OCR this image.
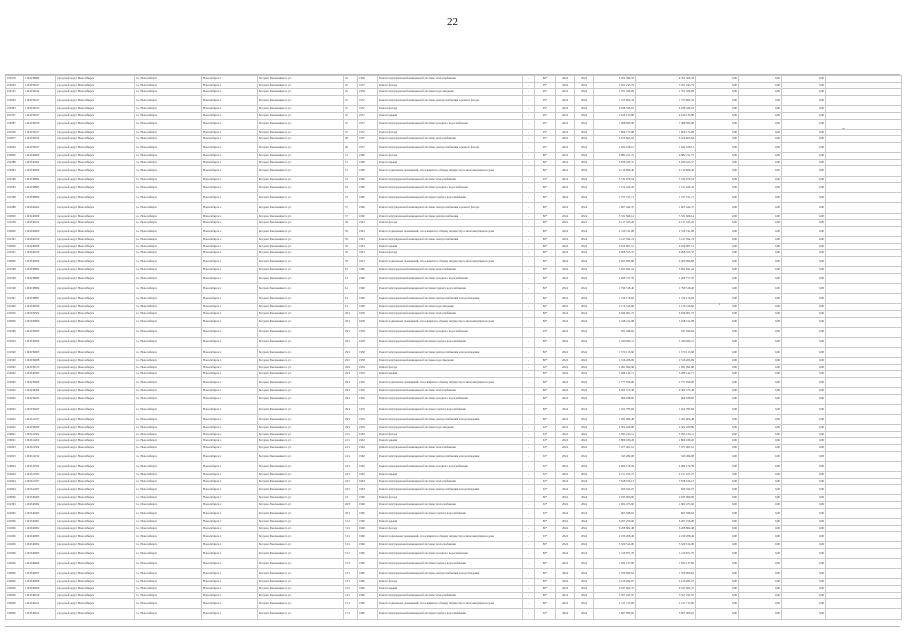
22
100178	1101038804	городской округ Новосибирск	г.о. Новосибирск	Новосибирск г.	Богдана Хмельницкого ул.	45	1958	Ремонт внутридомовой инженерной системы теплоснабжения	-	80*	2024	2024	4 702 366,33	4 702 366,33	0,00	0,00	0,00	
102663	1101039107	городской округ Новосибирск	г.о. Новосибирск	Новосибирск г.	Богдана Хмельницкого ул.	45	1957	Ремонт фасада	-	95*	2024	2024	3 457 245,79	3 457 245,79	0,00	0,00	0,00	
100155	1101036104	городской округ Новосибирск	г.о. Новосибирск	Новосибирск г.	Богдана Хмельницкого ул.	45	1958	Ремонт внутридомовой инженерной системы водоотведения	-	95*	2024	2024	1 761 329,09	1 761 329,09	0,00	0,00	0,00	
102663	1101039107	городской округ Новосибирск	г.о. Новосибирск	Новосибирск г.	Богдана Хмельницкого ул.	47	1957	Ремонт внутридомовой инженерной системы электроснабжения и ремонт фасада	-	95*	2024	2024	1 725 604,34	1 725 604,34	0,00	0,00	0,00	
100383	1101039105	городской округ Новосибирск	г.о. Новосибирск	Новосибирск г.	Богдана Хмельницкого ул.	47	1957	Ремонт фасада	-	95*	2024	2024	4 938 326,10	4 938 326,10	0,00	0,00	0,00	
102337	1101039107	городской округ Новосибирск	г.о. Новосибирск	Новосибирск г.	Богдана Хмельницкого ул.	47	1957	Ремонт крыши	-	95*	2024	2024	4 610 133,86	4 610 133,86	0,00	0,00	0,00	
100387	1101039106	городской округ Новосибирск	г.о. Новосибирск	Новосибирск г.	Богдана Хмельницкого ул.	47	1957	Ремонт внутридомовой инженерной системы холодного водоснабжения	-	95*	2024	2024	7 408 993,08	7 408 993,08	0,00	0,00	0,00	
102596	1101039107	городской округ Новосибирск	г.о. Новосибирск	Новосибирск г.	Богдана Хмельницкого ул.	47	1957	Ремонт фасада	-	95*	2024	2024	7 606 175,08	7 606 175,08	0,00	0,00	0,00	
102857	1101039104	городской округ Новосибирск	г.о. Новосибирск	Новосибирск г.	Богдана Хмельницкого ул.	48	1957	Ремонт внутридомовой инженерной системы теплоснабжения	-	95*	2024	2024	6 109 603,04	6 109 603,04	0,00	0,00	0,00	
102663	1101039107	городской округ Новосибирск	г.о. Новосибирск	Новосибирск г.	Богдана Хмельницкого ул.	49	1957	Ремонт внутридомовой инженерной системы электроснабжения и ремонт фасада	-	95*	2024	2024	1 622 108,12	1 622 108,12	0,00	0,00	0,00	
100090	1101040000	городской округ Новосибирск	г.о. Новосибирск	Новосибирск г.	Богдана Хмельницкого ул.	51	1960	Ремонт фасада	-	80*	2024	2024	6 882 211,75	6 882 211,75	0,00	0,00	0,00	
102288	1101040402	городской округ Новосибирск	г.о. Новосибирск	Новосибирск г.	Богдана Хмельницкого ул.	51	1960	Ремонт крыши	-	80*	2024	2024	6 186 423,37	6 186 423,37	0,00	0,00	0,00	
100383	1101040000	городской округ Новосибирск	г.о. Новосибирск	Новосибирск г.	Богдана Хмельницкого ул.	51	1960	Ремонт подвальных помещений, относящихся к общему имуществу в многоквартирном доме	-	80*	2024	2024	2 110 660,40	2 110 660,40	0,00	0,00	0,00	
102568	1101038804	городской округ Новосибирск	г.о. Новосибирск	Новосибирск г.	Богдана Хмельницкого ул.	53	1960	Ремонт внутридомовой инженерной системы теплоснабжения	-	63*	2024	2024	5 532 970,54	5 532 970,54	0,00	0,00	0,00	
102083	1101038805	городской округ Новосибирск	г.о. Новосибирск	Новосибирск г.	Богдана Хмельницкого ул.	53	1960	Ремонт внутридомовой инженерной системы холодного водоснабжения	-	80*	2024	2024	1 152 426,45	1 152 426,45	0,00	0,00	0,00	
102348	1101038806	городской округ Новосибирск	г.о. Новосибирск	Новосибирск г.	Богдана Хмельницкого ул.	53	1960	Ремонт внутридомовой инженерной системы горячего водоснабжения	-	80*	2024	2024	1 757 191,71	1 757 191,71	0,00	0,00	0,00	
102288	1101040402	городской округ Новосибирск	г.о. Новосибирск	Новосибирск г.	Богдана Хмельницкого ул.	57	1960	Ремонт внутридомовой инженерной системы электроснабжения и ремонт фасада	-	80*	2024	2024	1 607 442,37	1 607 442,37	0,00	0,00	0,00	
100090	1101040000	городской округ Новосибирск	г.о. Новосибирск	Новосибирск г.	Богдана Хмельницкого ул.	57	1960	Ремонт внутридомовой инженерной системы электроснабжения	-	80*	2024	2024	5 331 669,14	5 331 669,14	0,00	0,00	0,00	
102258	1101040101	городской округ Новосибирск	г.о. Новосибирск	Новосибирск г.	Богдана Хмельницкого ул.	59	1961	Ремонт фасада	-	80*	2024	2024	6 117 163,26	6 117 163,26	0,00	0,00	0,00	
100090	1101040000	городской округ Новосибирск	г.о. Новосибирск	Новосибирск г.	Богдана Хмельницкого ул.	59	1961	Ремонт подвальных помещений, относящихся к общему имуществу в многоквартирном доме	-	80*	2024	2024	2 319 741,08	2 319 741,08	0,00	0,00	0,00	
102591	1101040100	городской округ Новосибирск	г.о. Новосибирск	Новосибирск г.	Богдана Хмельницкого ул.	59	1961	Ремонт внутридомовой инженерной системы электроснабжения	-	80*	2024	2024	3 147 594,74	3 147 594,74	0,00	0,00	0,00	
100090	1101040000	городской округ Новосибирск	г.о. Новосибирск	Новосибирск г.	Богдана Хмельницкого ул.	59	1961	Ремонт крыши	-	80*	2024	2024	6 109 007,51	6 109 007,51	0,00	0,00	0,00	
102591	1101040100	городской округ Новосибирск	г.о. Новосибирск	Новосибирск г.	Богдана Хмельницкого ул.	59	1961	Ремонт фасада	-	80*	2024	2024	6 208 553,37	6 208 553,37	0,00	0,00	0,00	
100090	1101040000	городской округ Новосибирск	г.о. Новосибирск	Новосибирск г.	Богдана Хмельницкого ул.	59	1961	Ремонт подвальных помещений, относящихся к общему имуществу в многоквартирном доме	-	80*	2024	2024	2 203 996,68	2 203 996,68	0,00	0,00	0,00	
102568	1101038804	городской округ Новосибирск	г.о. Новосибирск	Новосибирск г.	Богдана Хмельницкого ул.	61	1960	Ремонт внутридомовой инженерной системы теплоснабжения	-	80*	2024	2024	5 652 841,24	5 652 841,24	0,00	0,00	0,00	
102348	1101038800	городской округ Новосибирск	г.о. Новосибирск	Новосибирск г.	Богдана Хмельницкого ул.	61	1960	Ремонт внутридомовой инженерной системы холодного водоснабжения	-	80*	2024	2024	1 200 757,76	1 200 757,76	0,00	0,00	0,00	
102348	1101038806	городской округ Новосибирск	г.о. Новосибирск	Новосибирск г.	Богдана Хмельницкого ул.	61	1960	Ремонт внутридомовой инженерной системы горячего водоснабжения	-	80*	2024	2024	1 799 518,40	1 799 518,40	0,00	0,00	0,00	
102391	1101038807	городской округ Новосибирск	г.о. Новосибирск	Новосибирск г.	Богдана Хмельницкого ул.	61	1960	Ремонт внутридомовой инженерной системы электроснабжения и водоотведения	-	80*	2024	2024	1 720 176,82	1 720 176,82	0,00	0,00	0,00	
102490	1101039209	городской округ Новосибирск	г.о. Новосибирск	Новосибирск г.	Богдана Хмельницкого ул.	61	1960	Ремонт внутридомовой инженерной системы водоотведения	-	80*	2024	2024	2 176 316,66	2 176 316,66	0,00	0,00	0,00	
102056	1101039502	городской округ Новосибирск	г.о. Новосибирск	Новосибирск г.	Богдана Хмельницкого ул.	26/1	1958	Ремонт внутридомовой инженерной системы теплоснабжения	-	80*	2024	2024	6 940 001,75	6 940 001,75	0,00	0,00	0,00	
100090	1101039800	городской округ Новосибирск	г.о. Новосибирск	Новосибирск г.	Богдана Хмельницкого ул.	26/1	1958	Ремонт подвальных помещений, относящихся к общему имуществу в многоквартирном доме	-	80*	2024	2024	1 248 212,98	1 248 212,98	0,00	0,00	0,00	
102369	1101039903	городской округ Новосибирск	г.о. Новосибирск	Новосибирск г.	Богдана Хмельницкого ул.	29/1	1958	Ремонт внутридомовой инженерной системы холодного водоснабжения	-	63*	2024	2024	931 940,04	931 940,04	0,00	0,00	0,00	
102093	1101039906	городской округ Новосибирск	г.о. Новосибирск	Новосибирск г.	Богдана Хмельницкого ул.	26/1	1958	Ремонт внутридомовой инженерной системы горячего водоснабжения	-	80*	2024	2024	1 430 662,11	1 430 662,11	0,00	0,00	0,00	
102590	1101039903	городской округ Новосибирск	г.о. Новосибирск	Новосибирск г.	Богдана Хмельницкого ул.	29/1	1958	Ремонт внутридомовой инженерной системы электроснабжения и водоотведения	-	80*	2024	2024	1 570 113,60	1 570 113,60	0,00	0,00	0,00	
102590	1101039908	городской округ Новосибирск	г.о. Новосибирск	Новосибирск г.	Богдана Хмельницкого ул.	29/1	1958	Ремонт внутридомовой инженерной системы водоотведения	-	80*	2024	2024	2 316 206,09	2 316 206,09	0,00	0,00	0,00	
102062	1101039515	городской округ Новосибирск	г.о. Новосибирск	Новосибирск г.	Богдана Хмельницкого ул.	29/2	1959	Ремонт фасада	-	64*	2024	2024	1 091 092,98	1 091 092,98	0,00	0,00	0,00	
102062	1101040303	городской округ Новосибирск	г.о. Новосибирск	Новосибирск г.	Богдана Хмельницкого ул.	29/2	1959	Ремонт крыши	-	80*	2024	2024	5 289 142,71	5 289 142,71	0,00	0,00	0,00	
102062	1101039906	городской округ Новосибирск	г.о. Новосибирск	Новосибирск г.	Богдана Хмельницкого ул.	29/2	1959	Ремонт подвальных помещений, относящихся к общему имуществу в многоквартирном доме	-	80*	2024	2024	1 777 059,00	1 777 059,00	0,00	0,00	0,00	
102602	1101038304	городской округ Новосибирск	г.о. Новосибирск	Новосибирск г.	Богдана Хмельницкого ул.	29/2	1959	Ремонт внутридомовой инженерной системы теплоснабжения	-	80*	2024	2024	6 362 573,38	6 362 573,38	0,00	0,00	0,00	
102602	1101039205	городской округ Новосибирск	г.о. Новосибирск	Новосибирск г.	Богдана Хмельницкого ул.	29/2	1959	Ремонт внутридомовой инженерной системы холодного водоснабжения	-	80*	2024	2024	969 038,85	969 038,85	0,00	0,00	0,00	
102602	1101039207	городской округ Новосибирск	г.о. Новосибирск	Новосибирск г.	Богдана Хмельницкого ул.	29/2	1959	Ремонт внутридомовой инженерной системы горячего водоснабжения	-	80*	2024	2024	1 452 783,84	1 452 783,84	0,00	0,00	0,00	
102602	1101041227	городской округ Новосибирск	г.о. Новосибирск	Новосибирск г.	Богдана Хмельницкого ул.	29/2	1959	Ремонт внутридомовой инженерной системы электроснабжения и водоотведения	-	80*	2024	2024	1 491 906,48	1 491 906,48	0,00	0,00	0,00	
102602	1101038209	городской округ Новосибирск	г.о. Новосибирск	Новосибирск г.	Богдана Хмельницкого ул.	29/2	1959	Ремонт внутридомовой инженерной системы водоотведения	-	64*	2024	2024	2 502 420,86	2 502 420,86	0,00	0,00	0,00	
100091	1101041502	городской округ Новосибирск	г.о. Новосибирск	Новосибирск г.	Богдана Хмельницкого ул.	41/1	1962	Ремонт фасада	-	63*	2024	2024	2 095 164,11	2 095 164,11	0,00	0,00	0,00	
100091	1101041202	городской округ Новосибирск	г.о. Новосибирск	Новосибирск г.	Богдана Хмельницкого ул.	41/1	1962	Ремонт крыши	-	63*	2024	2024	1 809 180,26	1 809 180,26	0,00	0,00	0,00	
102603	1101041504	городской округ Новосибирск	г.о. Новосибирск	Новосибирск г.	Богдана Хмельницкого ул.	41/1	1962	Ремонт внутридомовой инженерной системы теплоснабжения	-	63*	2024	2024	7 477 461,61	7 477 461,61	0,00	0,00	0,00	
102603	1101041012	городской округ Новосибирск	г.о. Новосибирск	Новосибирск г.	Богдана Хмельницкого ул.	41/1	1962	Ремонт внутридомовой инженерной системы электроснабжения и водоотведения	-	63*	2024	2024	343 284,08	343 284,08	0,00	0,00	0,00	
100094	1101041502	городской округ Новосибирск	г.о. Новосибирск	Новосибирск г.	Богдана Хмельницкого ул.	43/1	1962	Ремонт внутридомовой инженерной системы холодного водоснабжения	-	63*	2024	2024	4 990 176,59	4 990 176,59	0,00	0,00	0,00	
102604	1101041503	городской округ Новосибирск	г.о. Новосибирск	Новосибирск г.	Богдана Хмельницкого ул.	43/1	1962	Ремонт крыши	-	63*	2024	2024	4 151 223,72	4 151 223,72	0,00	0,00	0,00	
102604	1101041507	городской округ Новосибирск	г.о. Новосибирск	Новосибирск г.	Богдана Хмельницкого ул.	43/1	1962	Ремонт внутридомовой инженерной системы теплоснабжения	-	63*	2024	2024	7 818 919,13	7 818 919,13	0,00	0,00	0,00	
102604	1101041007	городской округ Новосибирск	г.о. Новосибирск	Новосибирск г.	Богдана Хмельницкого ул.	43/1	1962	Ремонт внутридомовой инженерной системы электроснабжения и водоотведения	-	63*	2024	2024	820 324,07	820 324,07	0,00	0,00	0,00	
100006	1101040200	городской округ Новосибирск	г.о. Новосибирск	Новосибирск г.	Богдана Хмельницкого ул.	23	1960	Ремонт фасада	-	80*	2024	2024	2 933 000,00	2 933 000,00	0,00	0,00	0,00	
102363	1101040402	городской округ Новосибирск	г.о. Новосибирск	Новосибирск г.	Богдана Хмельницкого ул.	26/3	1960	Ремонт внутридомовой инженерной системы теплоснабжения	-	63*	2024	2024	1 902 473,60	1 902 473,60	0,00	0,00	0,00	
102605	1101040403	городской округ Новосибирск	г.о. Новосибирск	Новосибирск г.	Богдана Хмельницкого ул.	26/1	1960	Ремонт внутридомовой инженерной системы горячего водоснабжения	-	63*	2024	2024	663 598,62	663 598,62	0,00	0,00	0,00	
102606	1101040901	городской округ Новосибирск	г.о. Новосибирск	Новосибирск г.	Богдана Хмельницкого ул.	51/1	1960	Ремонт крыши	-	80*	2024	2024	6 207 256,00	6 207 256,00	0,00	0,00	0,00	
102606	1101040902	городской округ Новосибирск	г.о. Новосибирск	Новосибирск г.	Богдана Хмельницкого ул.	51/1	1960	Ремонт фасада	-	80*	2024	2024	6 208 862,48	6 208 862,48	0,00	0,00	0,00	
102606	1101040903	городской округ Новосибирск	г.о. Новосибирск	Новосибирск г.	Богдана Хмельницкого ул.	51/1	1960	Ремонт подвальных помещений, относящихся к общему имуществу в многоквартирном доме	-	63*	2024	2024	2 230 208,49	2 230 208,49	0,00	0,00	0,00	
102606	1101040904	городской округ Новосибирск	г.о. Новосибирск	Новосибирск г.	Богдана Хмельницкого ул.	51/1	1960	Ремонт внутридомовой инженерной системы теплоснабжения	-	80*	2024	2024	5 329 514,00	5 329 514,00	0,00	0,00	0,00	
102606	1101040905	городской округ Новосибирск	г.о. Новосибирск	Новосибирск г.	Богдана Хмельницкого ул.	51/1	1960	Ремонт внутридомовой инженерной системы холодного водоснабжения	-	80*	2024	2024	1 219 871,70	1 219 871,70	0,00	0,00	0,00	
102606	1101040906	городской округ Новосибирск	г.о. Новосибирск	Новосибирск г.	Богдана Хмельницкого ул.	57/1	1960	Ремонт внутридомовой инженерной системы горячего водоснабжения	-	80*	2024	2024	1 832 137,66	1 832 137,66	0,00	0,00	0,00	
100006	1101040607	городской округ Новосибирск	г.о. Новосибирск	Новосибирск г.	Богдана Хмельницкого ул.	13/1	1960	Ремонт внутридомовой инженерной системы электроснабжения и водоотведения	-	80*	2024	2024	1 769 900,62	1 769 900,62	0,00	0,00	0,00	
100006	1101040608	городской округ Новосибирск	г.о. Новосибирск	Новосибирск г.	Богдана Хмельницкого ул.	13/1	1960	Ремонт фасада	-	80*	2024	2024	2 126 264,07	2 126 264,07	0,00	0,00	0,00	
100006	1101040609	городской округ Новосибирск	г.о. Новосибирск	Новосибирск г.	Богдана Хмельницкого ул.	13/1	1960	Ремонт крыши	-	80*	2024	2024	6 347 662,37	6 347 662,37	0,00	0,00	0,00	
100006	1101040610	городской округ Новосибирск	г.о. Новосибирск	Новосибирск г.	Богдана Хмельницкого ул.	13/1	1960	Ремонт внутридомовой инженерной системы теплоснабжения	-	80*	2024	2024	5 357 241,97	5 357 241,97	0,00	0,00	0,00	
100006	1101040611	городской округ Новосибирск	г.о. Новосибирск	Новосибирск г.	Богдана Хмельницкого ул.	17/1	1960	Ремонт подвальных помещений, относящихся к общему имуществу в многоквартирном доме	-	80*	2024	2024	2 211 713,09	2 211 713,09	0,00	0,00	0,00	
100006	1101040612	городской округ Новосибирск	г.о. Новосибирск	Новосибирск г.	Богдана Хмельницкого ул.	17/1	1960	Ремонт внутридомовой инженерной системы горячего водоснабжения	-	63*	2024	2024	5 607 009,02	5 607 009,02	0,00	0,00	0,00	
,
_
